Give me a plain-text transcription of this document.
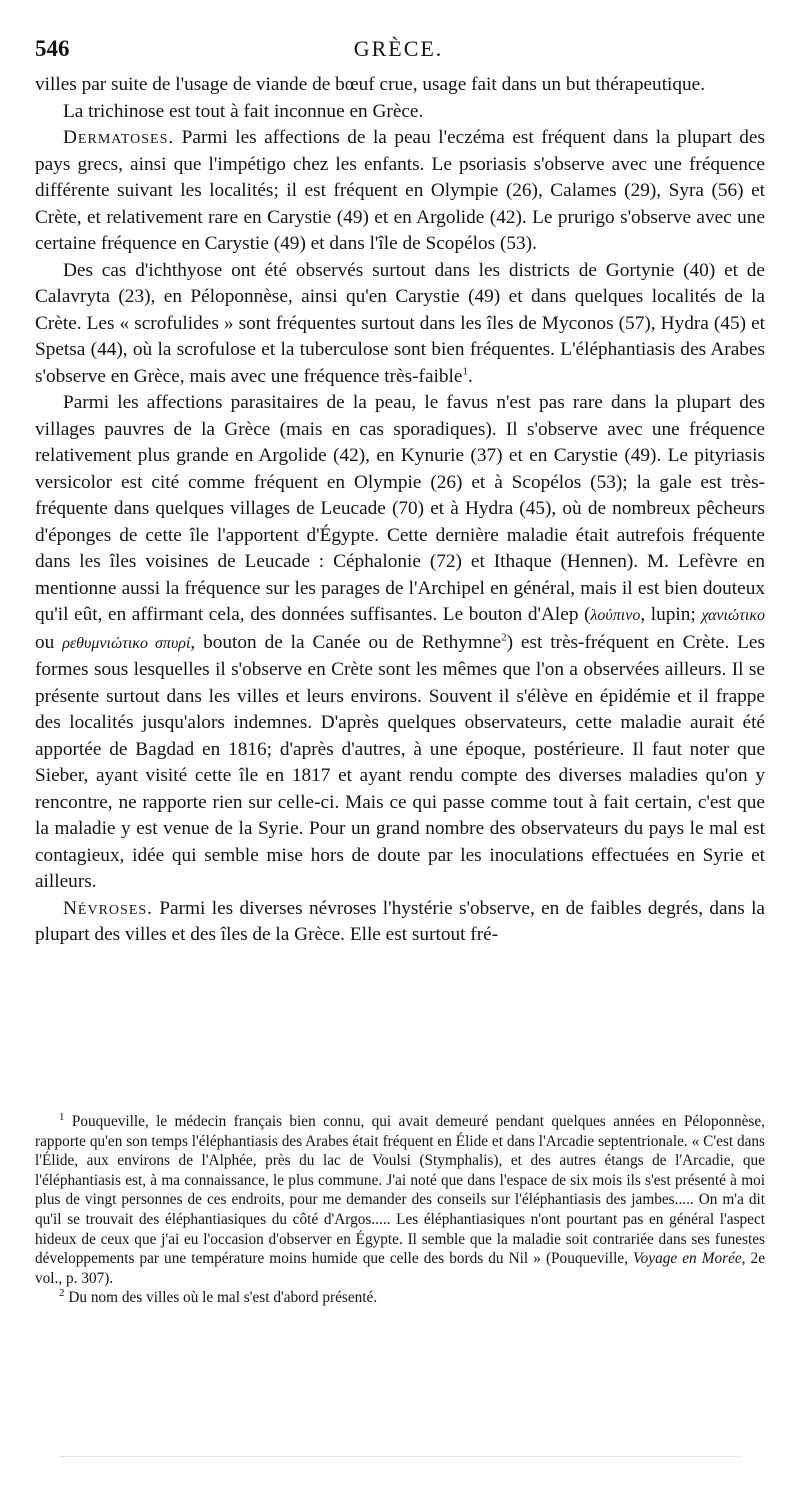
546	GRÈCE.

villes par suite de l'usage de viande de bœuf crue, usage fait dans un but thérapeutique.

La trichinose est tout à fait inconnue en Grèce.

Dermatoses. Parmi les affections de la peau l'eczéma est fréquent dans la plupart des pays grecs, ainsi que l'impétigo chez les enfants. Le psoriasis s'observe avec une fréquence différente suivant les localités; il est fréquent en Olympie (26), Calames (29), Syra (56) et Crète, et relativement rare en Carystie (49) et en Argolide (42). Le prurigo s'observe avec une certaine fréquence en Carystie (49) et dans l'île de Scopélos (53).

Des cas d'ichthyose ont été observés surtout dans les districts de Gortynie (40) et de Calavryta (23), en Péloponnèse, ainsi qu'en Carystie (49) et dans quelques localités de la Crète. Les « scrofulides » sont fréquentes surtout dans les îles de Myconos (57), Hydra (45) et Spetsa (44), où la scrofulose et la tuberculose sont bien fréquentes. L'éléphantiasis des Arabes s'observe en Grèce, mais avec une fréquence très-faible$^1$.

Parmi les affections parasitaires de la peau, le favus n'est pas rare dans la plupart des villages pauvres de la Grèce (mais en cas sporadiques). Il s'observe avec une fréquence relativement plus grande en Argolide (42), en Kynurie (37) et en Carystie (49). Le pityriasis versicolor est cité comme fréquent en Olympie (26) et à Scopélos (53); la gale est très-fréquente dans quelques villages de Leucade (70) et à Hydra (45), où de nombreux pêcheurs d'éponges de cette île l'apportent d'Égypte. Cette dernière maladie était autrefois fréquente dans les îles voisines de Leucade : Céphalonie (72) et Ithaque (Hennen). M. Lefèvre en mentionne aussi la fréquence sur les parages de l'Archipel en général, mais il est bien douteux qu'il eût, en affirmant cela, des données suffisantes. Le bouton d'Alep (λούπινο, lupin; χανιώτικο ou ρεθυμνιώτικο σπυρί, bouton de la Canée ou de Rethymne$^2$) est très-fréquent en Crète. Les formes sous lesquelles il s'observe en Crète sont les mêmes que l'on a observées ailleurs. Il se présente surtout dans les villes et leurs environs. Souvent il s'élève en épidémie et il frappe des localités jusqu'alors indemnes. D'après quelques observateurs, cette maladie aurait été apportée de Bagdad en 1816; d'après d'autres, à une époque, postérieure. Il faut noter que Sieber, ayant visité cette île en 1817 et ayant rendu compte des diverses maladies qu'on y rencontre, ne rapporte rien sur celle-ci. Mais ce qui passe comme tout à fait certain, c'est que la maladie y est venue de la Syrie. Pour un grand nombre des observateurs du pays le mal est contagieux, idée qui semble mise hors de doute par les inoculations effectuées en Syrie et ailleurs.

Névroses. Parmi les diverses névroses l'hystérie s'observe, en de faibles degrés, dans la plupart des villes et des îles de la Grèce. Elle est surtout fré-

$^1$ Pouqueville, le médecin français bien connu, qui avait demeuré pendant quelques années en Péloponnèse, rapporte qu'en son temps l'éléphantiasis des Arabes était fréquent en Élide et dans l'Arcadie septentrionale. « C'est dans l'Élide, aux environs de l'Alphée, près du lac de Voulsi (Stymphalis), et des autres étangs de l'Arcadie, que l'éléphantiasis est, à ma connaissance, le plus commune. J'ai noté que dans l'espace de six mois ils s'est présenté à moi plus de vingt personnes de ces endroits, pour me demander des conseils sur l'éléphantiasis des jambes..... On m'a dit qu'il se trouvait des éléphantiasiques du côté d'Argos..... Les éléphantiasiques n'ont pourtant pas en général l'aspect hideux de ceux que j'ai eu l'occasion d'observer en Égypte. Il semble que la maladie soit contrariée dans ses funestes développements par une température moins humide que celle des bords du Nil » (Pouqueville, Voyage en Morée, 2e vol., p. 307).

$^2$ Du nom des villes où le mal s'est d'abord présenté.
